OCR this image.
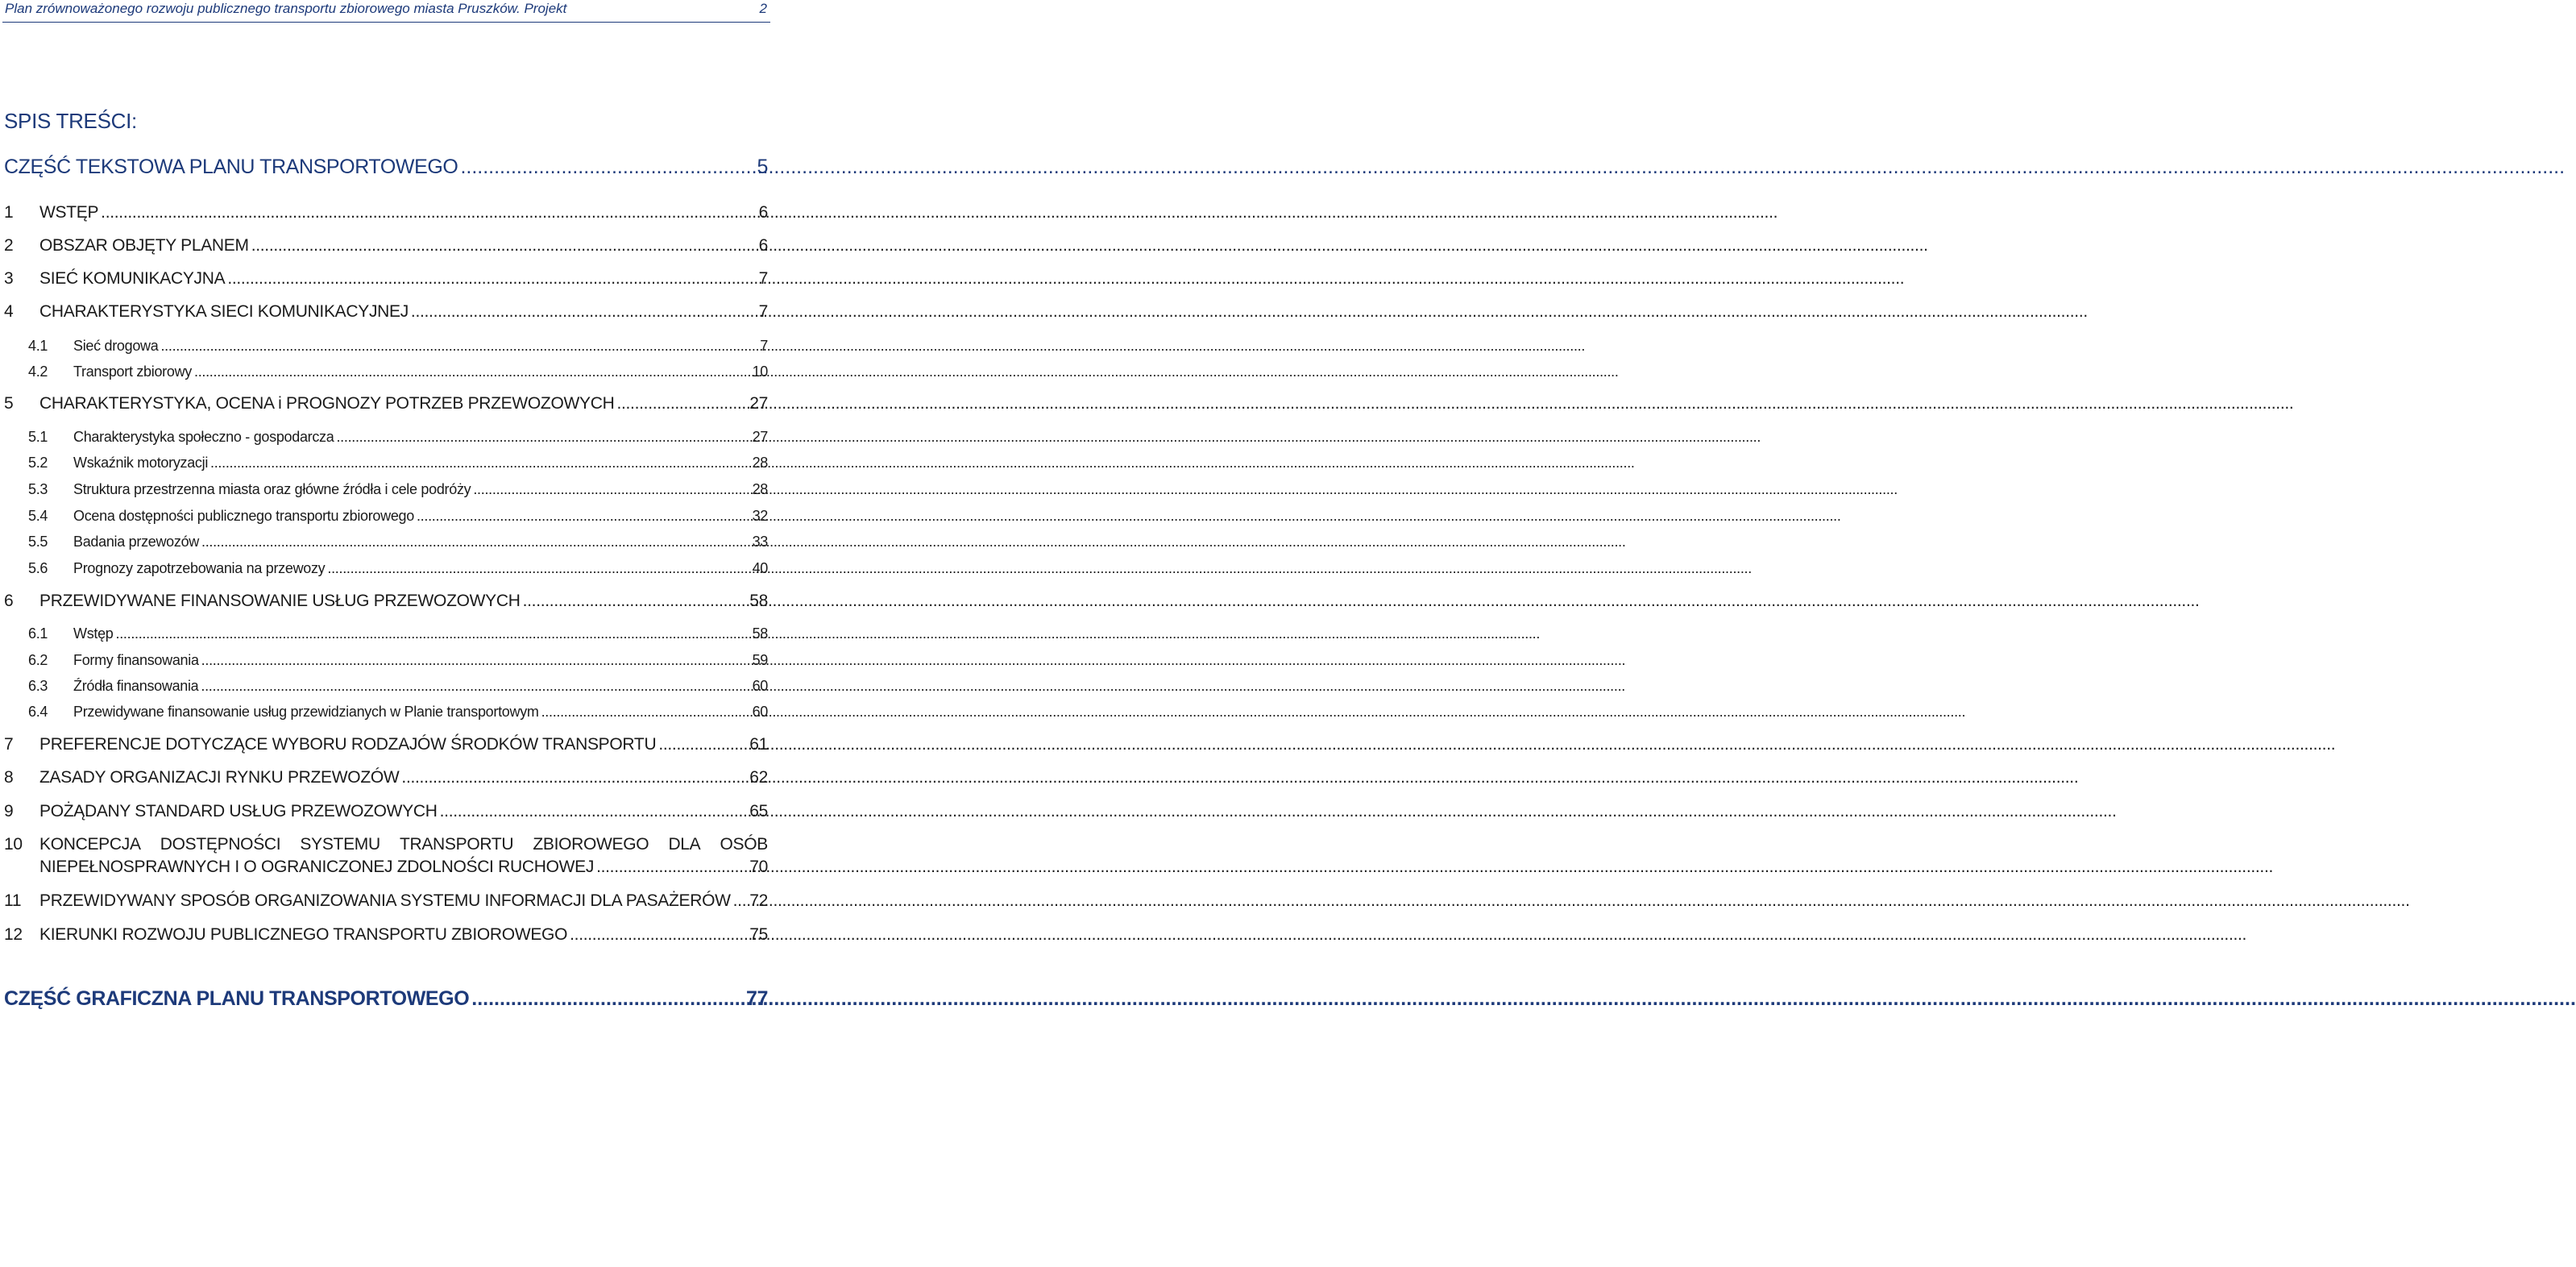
Plan zrównoważonego rozwoju publicznego transportu zbiorowego miasta Pruszków. Projekt	2
SPIS TREŚCI:
CZĘŚĆ TEKSTOWA PLANU TRANSPORTOWEGO .....	5
1	WSTĘP .....	6
2	OBSZAR OBJĘTY PLANEM .....	6
3	SIEĆ KOMUNIKACYJNA .....	7
4	CHARAKTERYSTYKA SIECI KOMUNIKACYJNEJ .....	7
4.1	Sieć drogowa .....	7
4.2	Transport zbiorowy .....	10
5	CHARAKTERYSTYKA, OCENA i PROGNOZY POTRZEB PRZEWOZOWYCH .....	27
5.1	Charakterystyka społeczno - gospodarcza .....	27
5.2	Wskaźnik motoryzacji .....	28
5.3	Struktura przestrzenna miasta oraz główne źródła i cele podróży .....	28
5.4	Ocena dostępności publicznego transportu zbiorowego .....	32
5.5	Badania przewozów .....	33
5.6	Prognozy zapotrzebowania na przewozy .....	40
6	PRZEWIDYWANE FINANSOWANIE USŁUG PRZEWOZOWYCH .....	58
6.1	Wstęp .....	58
6.2	Formy finansowania .....	59
6.3	Źródła finansowania .....	60
6.4	Przewidywane finansowanie usług przewidzianych w Planie transportowym .....	60
7	PREFERENCJE DOTYCZĄCE WYBORU RODZAJÓW ŚRODKÓW TRANSPORTU .....	61
8	ZASADY ORGANIZACJI RYNKU PRZEWOZÓW .....	62
9	POŻĄDANY STANDARD USŁUG PRZEWOZOWYCH .....	65
10 KONCEPCJA DOSTĘPNOŚCI SYSTEMU TRANSPORTU ZBIOROWEGO DLA OSÓB
NIEPEŁNOSPRAWNYCH I O OGRANICZONEJ ZDOLNOŚCI RUCHOWEJ .....	70
11	PRZEWIDYWANY SPOSÓB ORGANIZOWANIA SYSTEMU INFORMACJI DLA PASAŻERÓW ..... 72
12	KIERUNKI ROZWOJU PUBLICZNEGO TRANSPORTU ZBIOROWEGO .....	75
CZĘŚĆ GRAFICZNA PLANU TRANSPORTOWEGO .....	77
